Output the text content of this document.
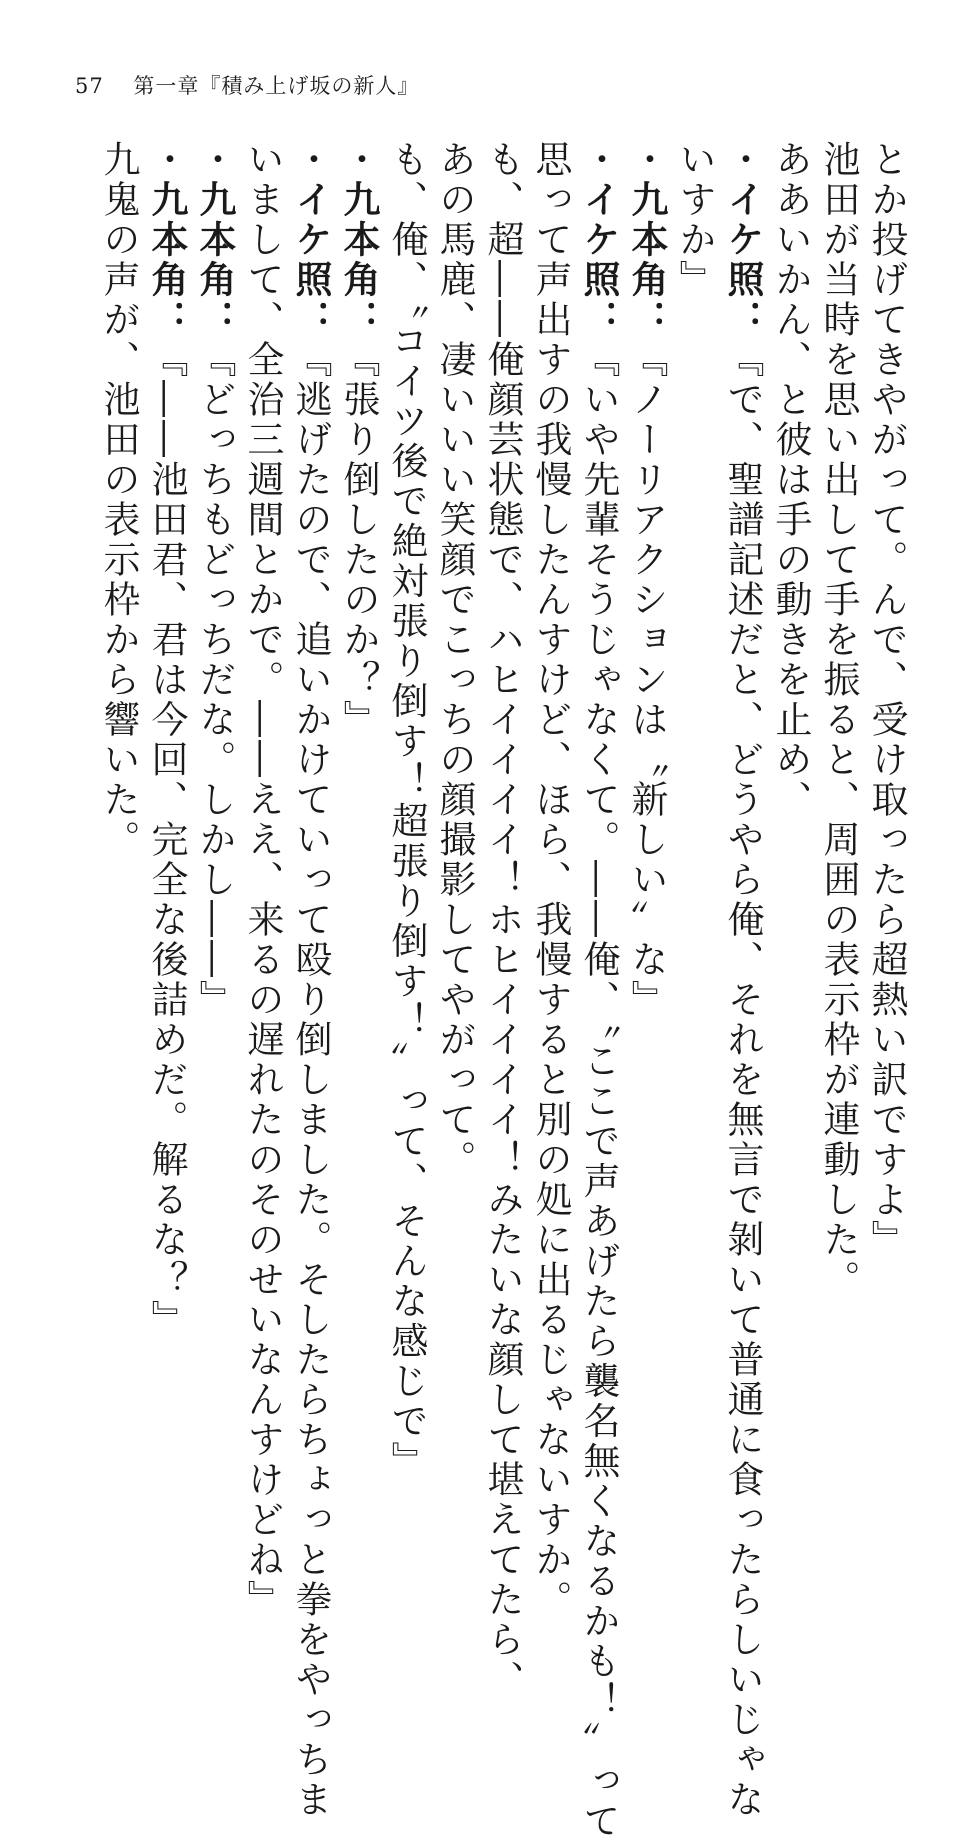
57 第一章『積み上げ坂の新人』
とか投げてきやがって。んで、受け取ったら超熱い訳ですよ』
池田が当時を思い出して手を振ると、周囲の表示枠が連動した。
ああいかん、と彼は手の動きを止め、
・イケ照：『で、聖譜記述だと、どうやら俺、それを無言で剝いて普通に食ったらしいじゃな
いすか』
・九本角：『ノーリアクションは〝新しい〟な』
・イケ照：『いや先輩そうじゃなくて。――俺、〝ここで声あげたら襲名無くなるかも！〟って
思って声出すの我慢したんすけど、ほら、我慢すると別の処に出るじゃないすか。
も、超――俺顔芸状態で、ハヒイイイイ！ホヒイイイイ！みたいな顔して堪えてたら、
あの馬鹿、凄いいい笑顔でこっちの顔撮影してやがって。
も、俺、〝コイツ後で絶対張り倒す！超張り倒す！〟って、そんな感じで』
・九本角：『張り倒したのか？』
・イケ照：『逃げたので、追いかけていって殴り倒しました。そしたらちょっと拳をやっちま
いまして、全治三週間とかで。――ええ、来るの遅れたのそのせいなんすけどね』
・九本角：『どっちもどっちだな。しかし――』
・九本角：『――池田君、君は今回、完全な後詰めだ。解るな？』
九鬼の声が、池田の表示枠から響いた。
